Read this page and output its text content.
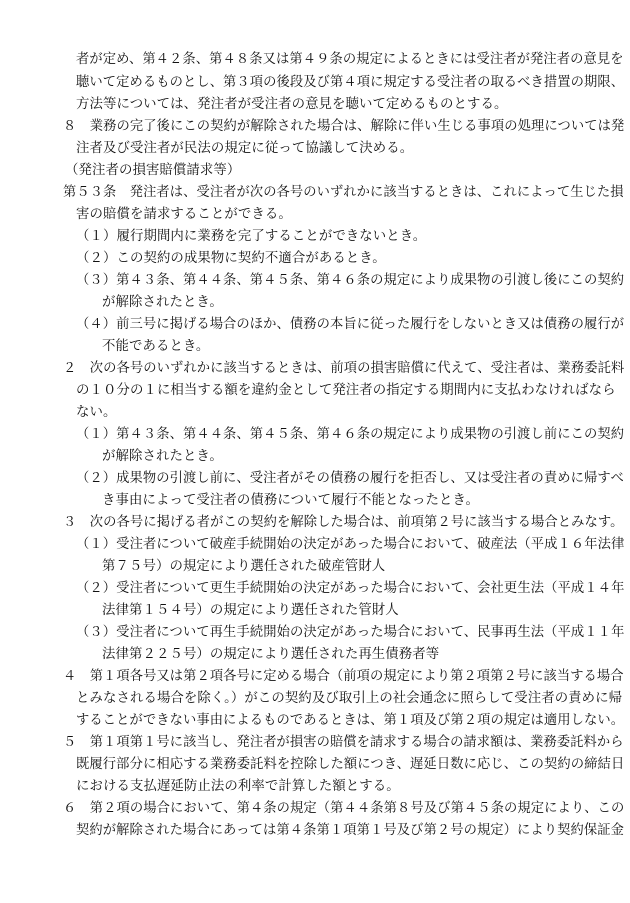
者が定め、第４２条、第４８条又は第４９条の規定によるときには受注者が発注者の意見を
聴いて定めるものとし、第３項の後段及び第４項に規定する受注者の取るべき措置の期限、
方法等については、発注者が受注者の意見を聴いて定めるものとする。
８　業務の完了後にこの契約が解除された場合は、解除に伴い生じる事項の処理については発
注者及び受注者が民法の規定に従って協議して決める。
（発注者の損害賠償請求等）
第５３条　発注者は、受注者が次の各号のいずれかに該当するときは、これによって生じた損
害の賠償を請求することができる。
（１）履行期間内に業務を完了することができないとき。
（２）この契約の成果物に契約不適合があるとき。
（３）第４３条、第４４条、第４５条、第４６条の規定により成果物の引渡し後にこの契約
が解除されたとき。
（４）前三号に掲げる場合のほか、債務の本旨に従った履行をしないとき又は債務の履行が
不能であるとき。
２　次の各号のいずれかに該当するときは、前項の損害賠償に代えて、受注者は、業務委託料
の１０分の１に相当する額を違約金として発注者の指定する期間内に支払わなければなら
ない。
（１）第４３条、第４４条、第４５条、第４６条の規定により成果物の引渡し前にこの契約
が解除されたとき。
（２）成果物の引渡し前に、受注者がその債務の履行を拒否し、又は受注者の責めに帰すべ
き事由によって受注者の債務について履行不能となったとき。
３　次の各号に掲げる者がこの契約を解除した場合は、前項第２号に該当する場合とみなす。
（１）受注者について破産手続開始の決定があった場合において、破産法（平成１６年法律
第７５号）の規定により選任された破産管財人
（２）受注者について更生手続開始の決定があった場合において、会社更生法（平成１４年
法律第１５４号）の規定により選任された管財人
（３）受注者について再生手続開始の決定があった場合において、民事再生法（平成１１年
法律第２２５号）の規定により選任された再生債務者等
４　第１項各号又は第２項各号に定める場合（前項の規定により第２項第２号に該当する場合
とみなされる場合を除く。）がこの契約及び取引上の社会通念に照らして受注者の責めに帰
することができない事由によるものであるときは、第１項及び第２項の規定は適用しない。
５　第１項第１号に該当し、発注者が損害の賠償を請求する場合の請求額は、業務委託料から
既履行部分に相応する業務委託料を控除した額につき、遅延日数に応じ、この契約の締結日
における支払遅延防止法の利率で計算した額とする。
６　第２項の場合において、第４条の規定（第４４条第８号及び第４５条の規定により、この
契約が解除された場合にあっては第４条第１項第１号及び第２号の規定）により契約保証金
